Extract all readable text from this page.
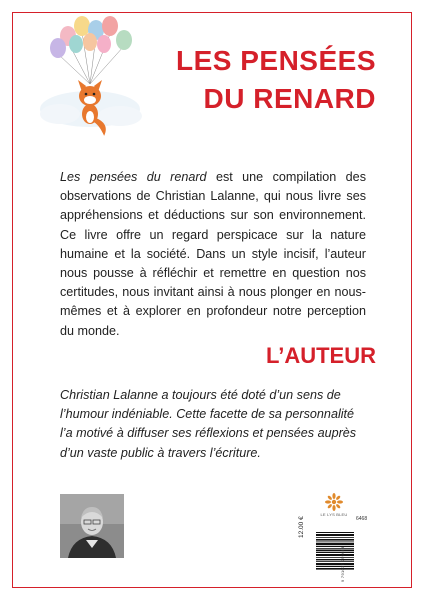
LES PENSÉES
DU RENARD
Les pensées du renard est une compilation des observations de Christian Lalanne, qui nous livre ses appréhensions et déductions sur son environnement. Ce livre offre un regard perspicace sur la nature humaine et la société. Dans un style incisif, l’auteur nous pousse à réfléchir et remettre en question nos certitudes, nous invitant ainsi à nous plonger en nous-mêmes et à explorer en profondeur notre perception du monde.
L’AUTEUR
Christian Lalanne a toujours été doté d’un sens de l’humour indéniable. Cette facette de sa personnalité l’a motivé à diffuser ses réflexions et pensées auprès d’un vaste public à travers l’écriture.
LE LYS BLEU
6468
12.00 €
9 791037 799683
